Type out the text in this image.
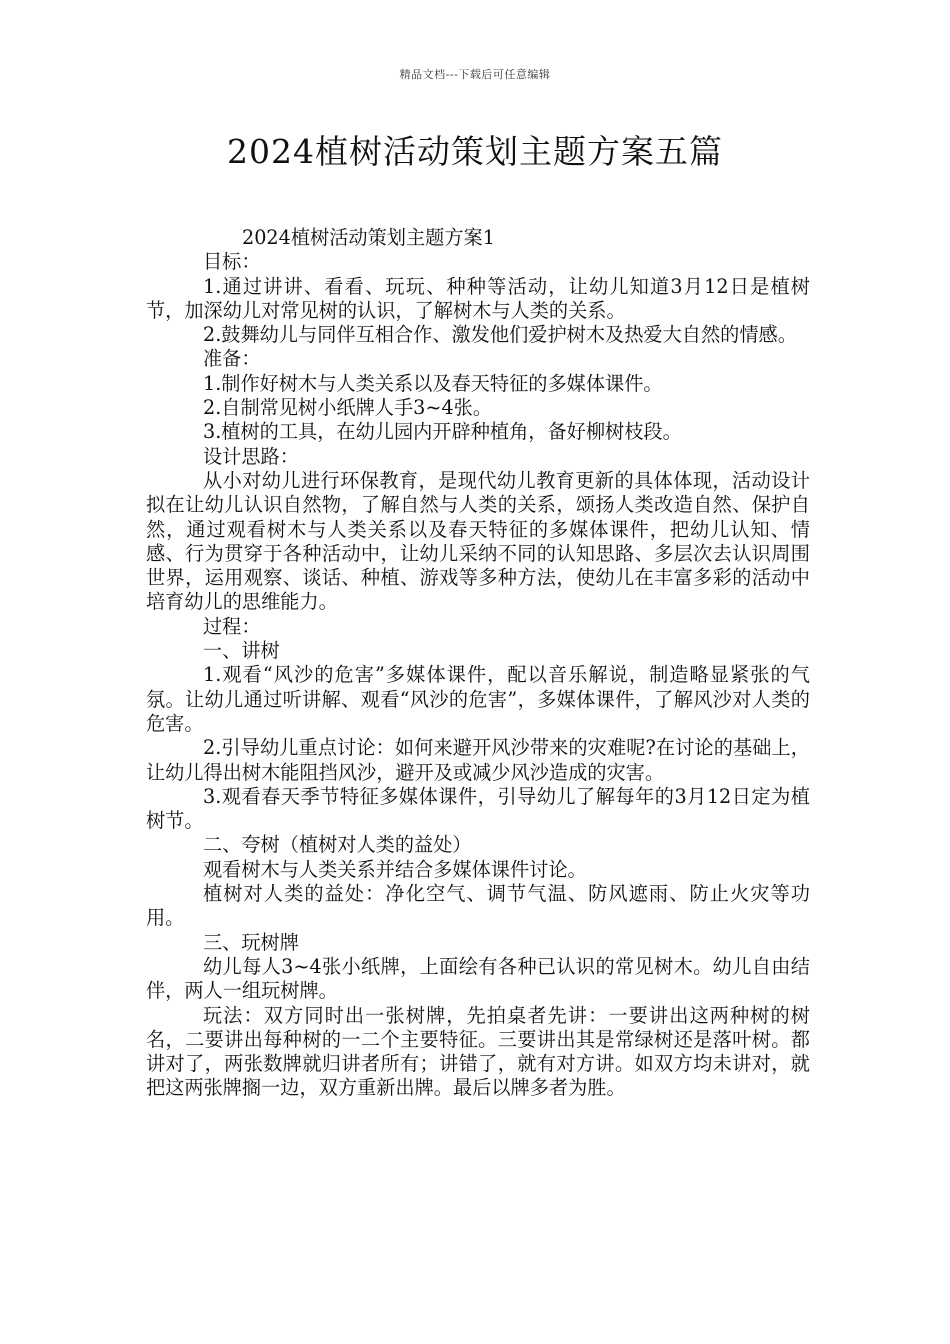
精品文档---下载后可任意编辑
2024植树活动策划主题方案五篇

2024植树活动策划主题方案1

目标：

1.通过讲讲、看看、玩玩、种种等活动，让幼儿知道3月12日是植树节，加深幼儿对常见树的认识，了解树木与人类的关系。

2.鼓舞幼儿与同伴互相合作、激发他们爱护树木及热爱大自然的情感。

准备：

1.制作好树木与人类关系以及春天特征的多媒体课件。

2.自制常见树小纸牌人手3~4张。

3.植树的工具，在幼儿园内开辟种植角，备好柳树枝段。

设计思路：

从小对幼儿进行环保教育，是现代幼儿教育更新的具体体现，活动设计拟在让幼儿认识自然物，了解自然与人类的关系，颂扬人类改造自然、保护自然，通过观看树木与人类关系以及春天特征的多媒体课件，把幼儿认知、情感、行为贯穿于各种活动中，让幼儿采纳不同的认知思路、多层次去认识周围世界，运用观察、谈话、种植、游戏等多种方法，使幼儿在丰富多彩的活动中培育幼儿的思维能力。

过程：

一、讲树

1.观看“风沙的危害”多媒体课件，配以音乐解说，制造略显紧张的气氛。让幼儿通过听讲解、观看“风沙的危害”，多媒体课件，了解风沙对人类的危害。

2.引导幼儿重点讨论：如何来避开风沙带来的灾难呢?在讨论的基础上，让幼儿得出树木能阻挡风沙，避开及或减少风沙造成的灾害。

3.观看春天季节特征多媒体课件，引导幼儿了解每年的3月12日定为植树节。

二、夸树（植树对人类的益处）

观看树木与人类关系并结合多媒体课件讨论。

植树对人类的益处：净化空气、调节气温、防风遮雨、防止火灾等功用。

三、玩树牌

幼儿每人3~4张小纸牌，上面绘有各种已认识的常见树木。幼儿自由结伴，两人一组玩树牌。

玩法：双方同时出一张树牌，先拍桌者先讲：一要讲出这两种树的树名，二要讲出每种树的一二个主要特征。三要讲出其是常绿树还是落叶树。都讲对了，两张数牌就归讲者所有；讲错了，就有对方讲。如双方均未讲对，就把这两张牌搁一边，双方重新出牌。最后以牌多者为胜。
